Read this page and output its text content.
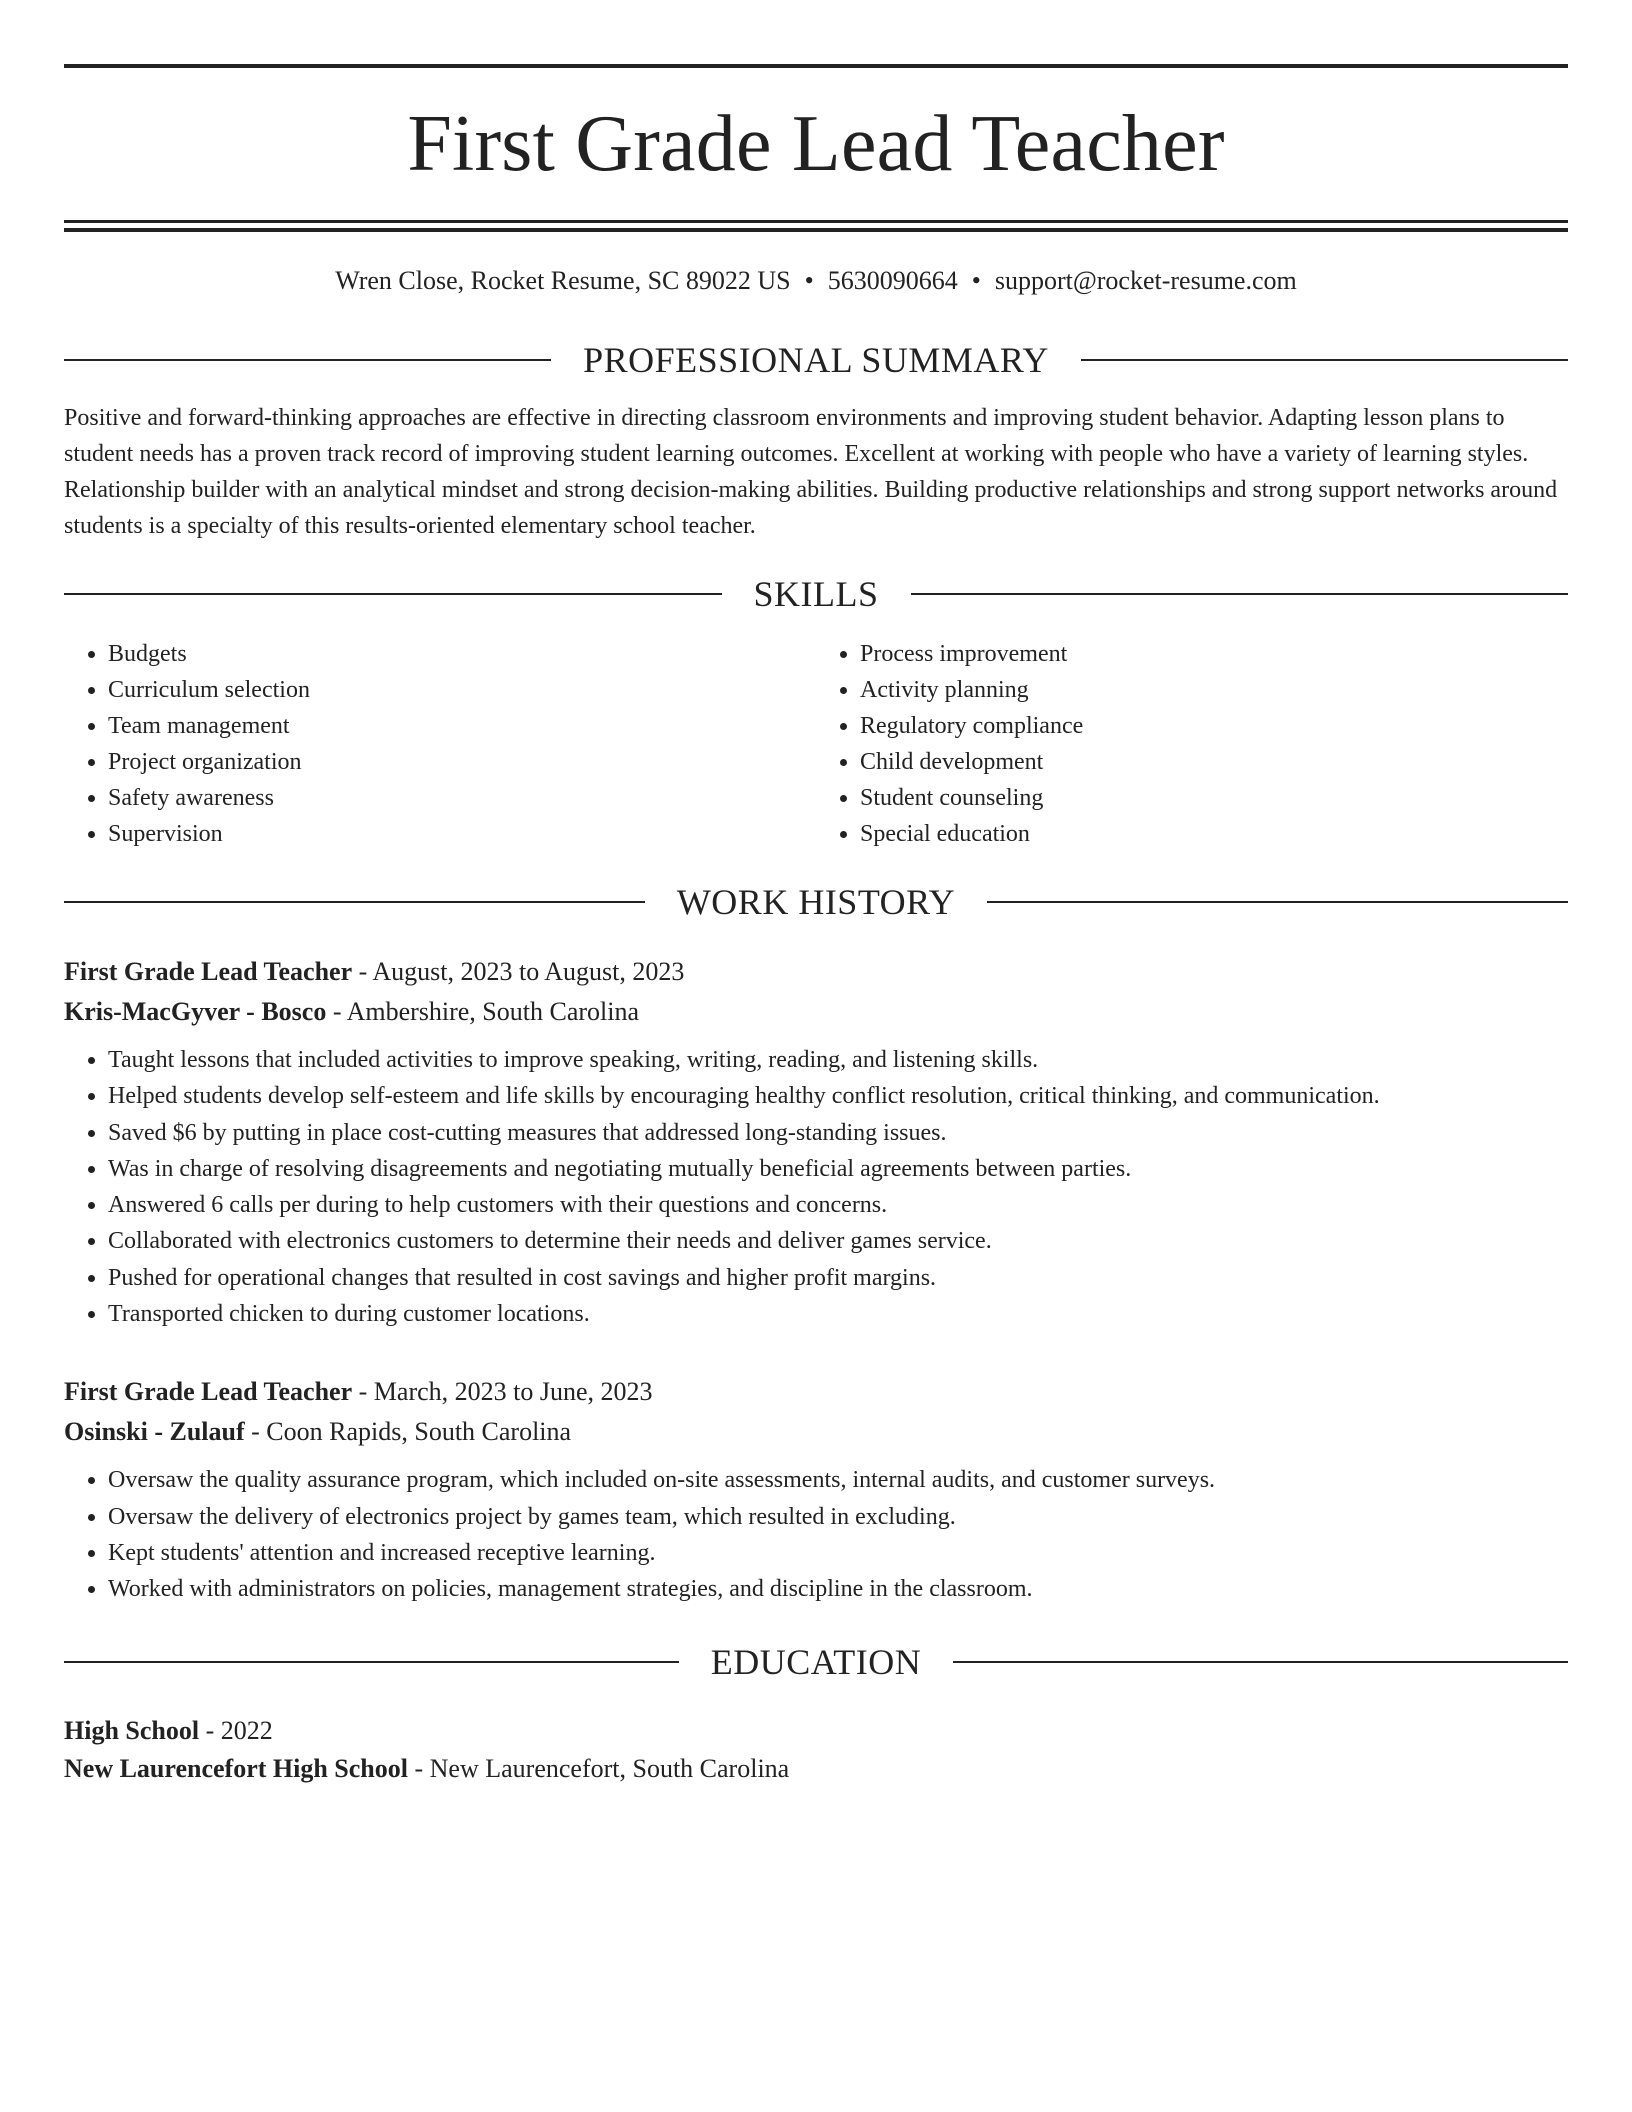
First Grade Lead Teacher
Wren Close, Rocket Resume, SC 89022 US • 5630090664 • support@rocket-resume.com
PROFESSIONAL SUMMARY
Positive and forward-thinking approaches are effective in directing classroom environments and improving student behavior. Adapting lesson plans to student needs has a proven track record of improving student learning outcomes. Excellent at working with people who have a variety of learning styles. Relationship builder with an analytical mindset and strong decision-making abilities. Building productive relationships and strong support networks around students is a specialty of this results-oriented elementary school teacher.
SKILLS
• Budgets
• Curriculum selection
• Team management
• Project organization
• Safety awareness
• Supervision
• Process improvement
• Activity planning
• Regulatory compliance
• Child development
• Student counseling
• Special education
WORK HISTORY
First Grade Lead Teacher - August, 2023 to August, 2023
Kris-MacGyver - Bosco - Ambershire, South Carolina
• Taught lessons that included activities to improve speaking, writing, reading, and listening skills.
• Helped students develop self-esteem and life skills by encouraging healthy conflict resolution, critical thinking, and communication.
• Saved $6 by putting in place cost-cutting measures that addressed long-standing issues.
• Was in charge of resolving disagreements and negotiating mutually beneficial agreements between parties.
• Answered 6 calls per during to help customers with their questions and concerns.
• Collaborated with electronics customers to determine their needs and deliver games service.
• Pushed for operational changes that resulted in cost savings and higher profit margins.
• Transported chicken to during customer locations.
First Grade Lead Teacher - March, 2023 to June, 2023
Osinski - Zulauf - Coon Rapids, South Carolina
• Oversaw the quality assurance program, which included on-site assessments, internal audits, and customer surveys.
• Oversaw the delivery of electronics project by games team, which resulted in excluding.
• Kept students' attention and increased receptive learning.
• Worked with administrators on policies, management strategies, and discipline in the classroom.
EDUCATION
High School - 2022
New Laurencefort High School - New Laurencefort, South Carolina
